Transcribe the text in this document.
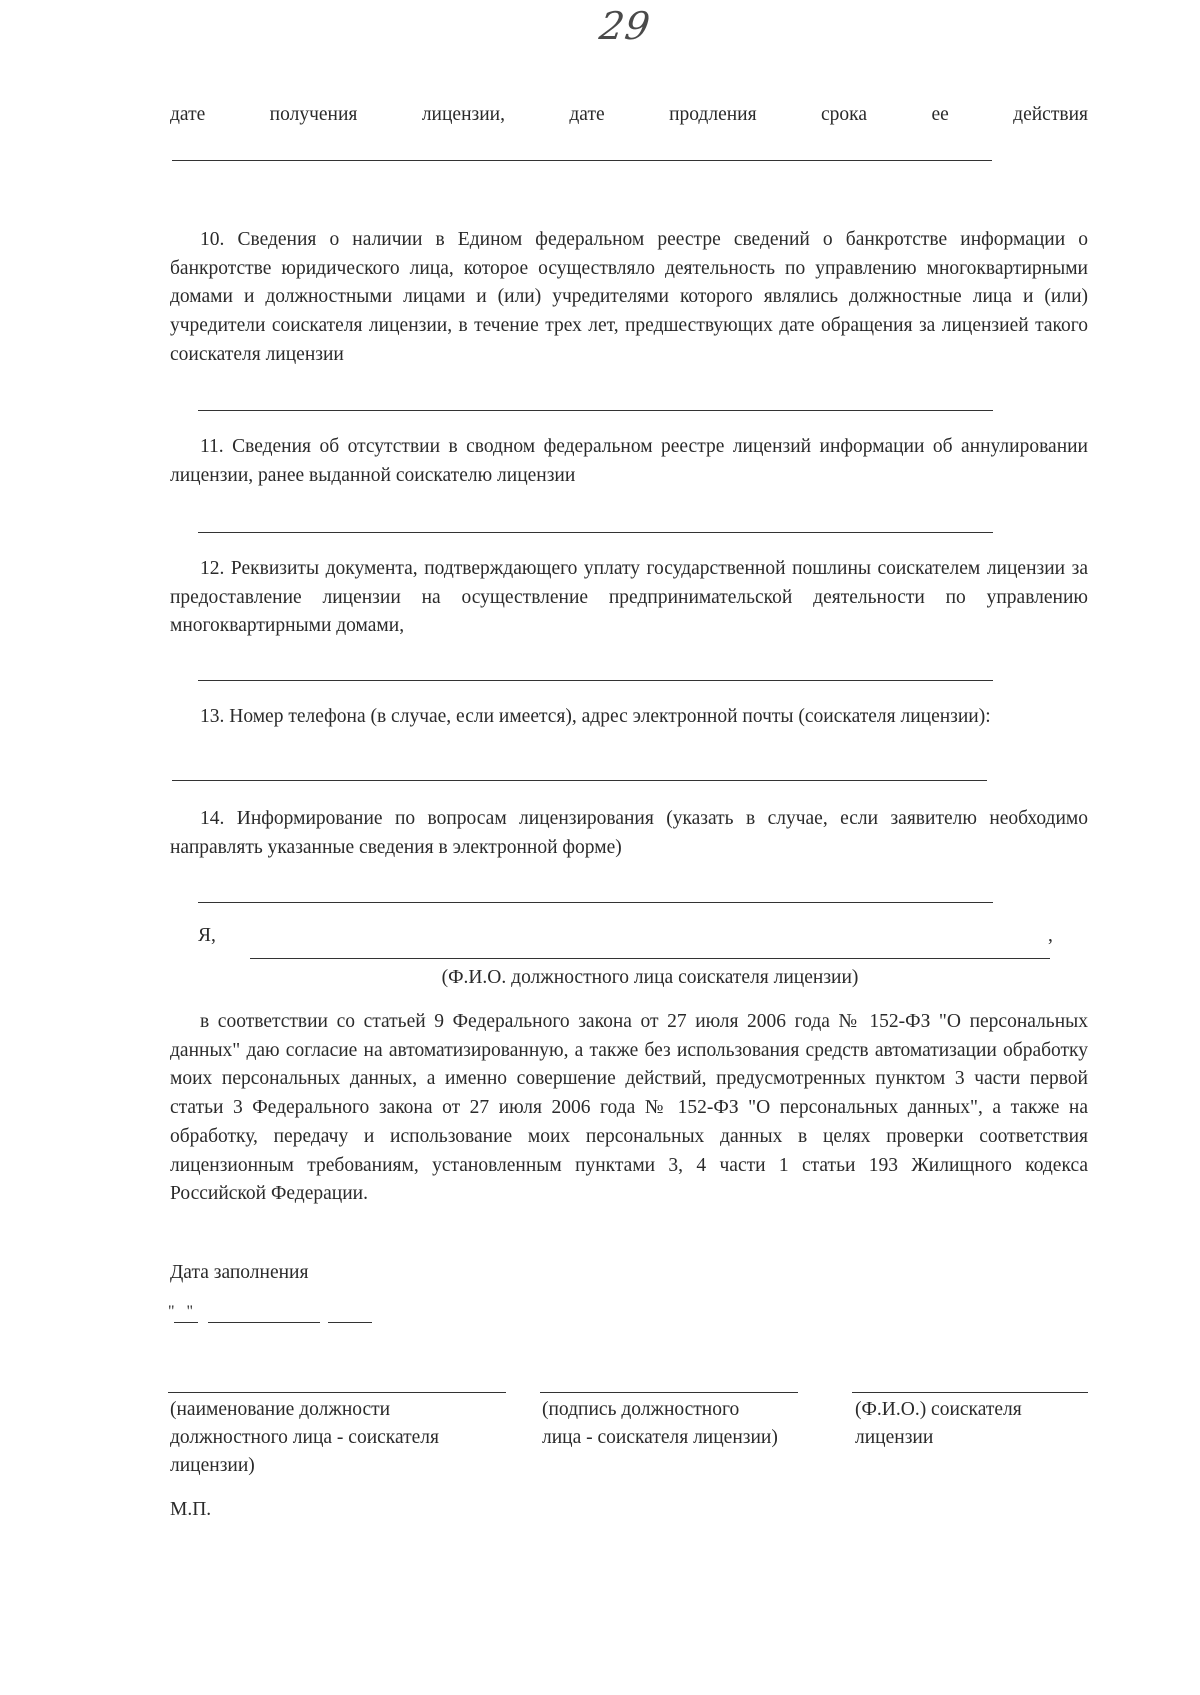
29
дате	получения	лицензии,	дате	продления	срока	ее	действия

10. Сведения о наличии в Едином федеральном реестре сведений о банкротстве информации о банкротстве юридического лица, которое осуществляло деятельность по управлению многоквартирными домами и должностными лицами и (или) учредителями которого являлись должностные лица и (или) учредители соискателя лицензии, в течение трех лет, предшествующих дате обращения за лицензией такого соискателя лицензии

11. Сведения об отсутствии в сводном федеральном реестре лицензий информации об аннулировании лицензии, ранее выданной соискателю лицензии

12. Реквизиты документа, подтверждающего уплату государственной пошлины соискателем лицензии за предоставление лицензии на осуществление предпринимательской деятельности по управлению многоквартирными домами,

13. Номер телефона (в случае, если имеется), адрес электронной почты (соискателя лицензии):

14. Информирование по вопросам лицензирования (указать в случае, если заявителю необходимо направлять указанные сведения в электронной форме)

Я,	,

(Ф.И.О. должностного лица соискателя лицензии)

в соответствии со статьей 9 Федерального закона от 27 июля 2006 года № 152-ФЗ "О персональных данных" даю согласие на автоматизированную, а также без использования средств автоматизации обработку моих персональных данных, а именно совершение действий, предусмотренных пунктом 3 части первой статьи 3 Федерального закона от 27 июля 2006 года № 152-ФЗ "О персональных данных", а также на обработку, передачу и использование моих персональных данных в целях проверки соответствия лицензионным требованиям, установленным пунктами 3, 4 части 1 статьи 193 Жилищного кодекса Российской Федерации.

Дата заполнения

"   "

(наименование должности должностного лица - соискателя лицензии)

(подпись должностного лица - соискателя лицензии)

(Ф.И.О.) соискателя лицензии

М.П.
